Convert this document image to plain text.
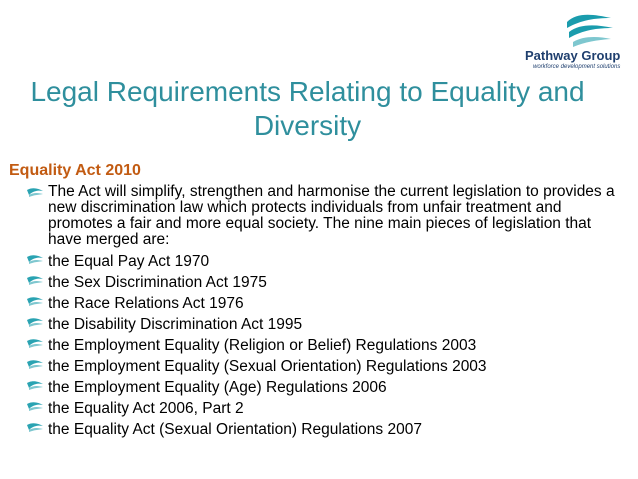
Pathway Group
workforce development solutions
Legal Requirements Relating to Equality and Diversity
Equality Act 2010
The Act will simplify, strengthen and harmonise the current legislation to provides a new discrimination law which protects individuals from unfair treatment and promotes a fair and more equal society. The nine main pieces of legislation that have merged are:
the Equal Pay Act 1970
the Sex Discrimination Act 1975
the Race Relations Act 1976
the Disability Discrimination Act 1995
the Employment Equality (Religion or Belief) Regulations 2003
the Employment Equality (Sexual Orientation) Regulations 2003
the Employment Equality (Age) Regulations 2006
the Equality Act 2006, Part 2
the Equality Act (Sexual Orientation) Regulations 2007
